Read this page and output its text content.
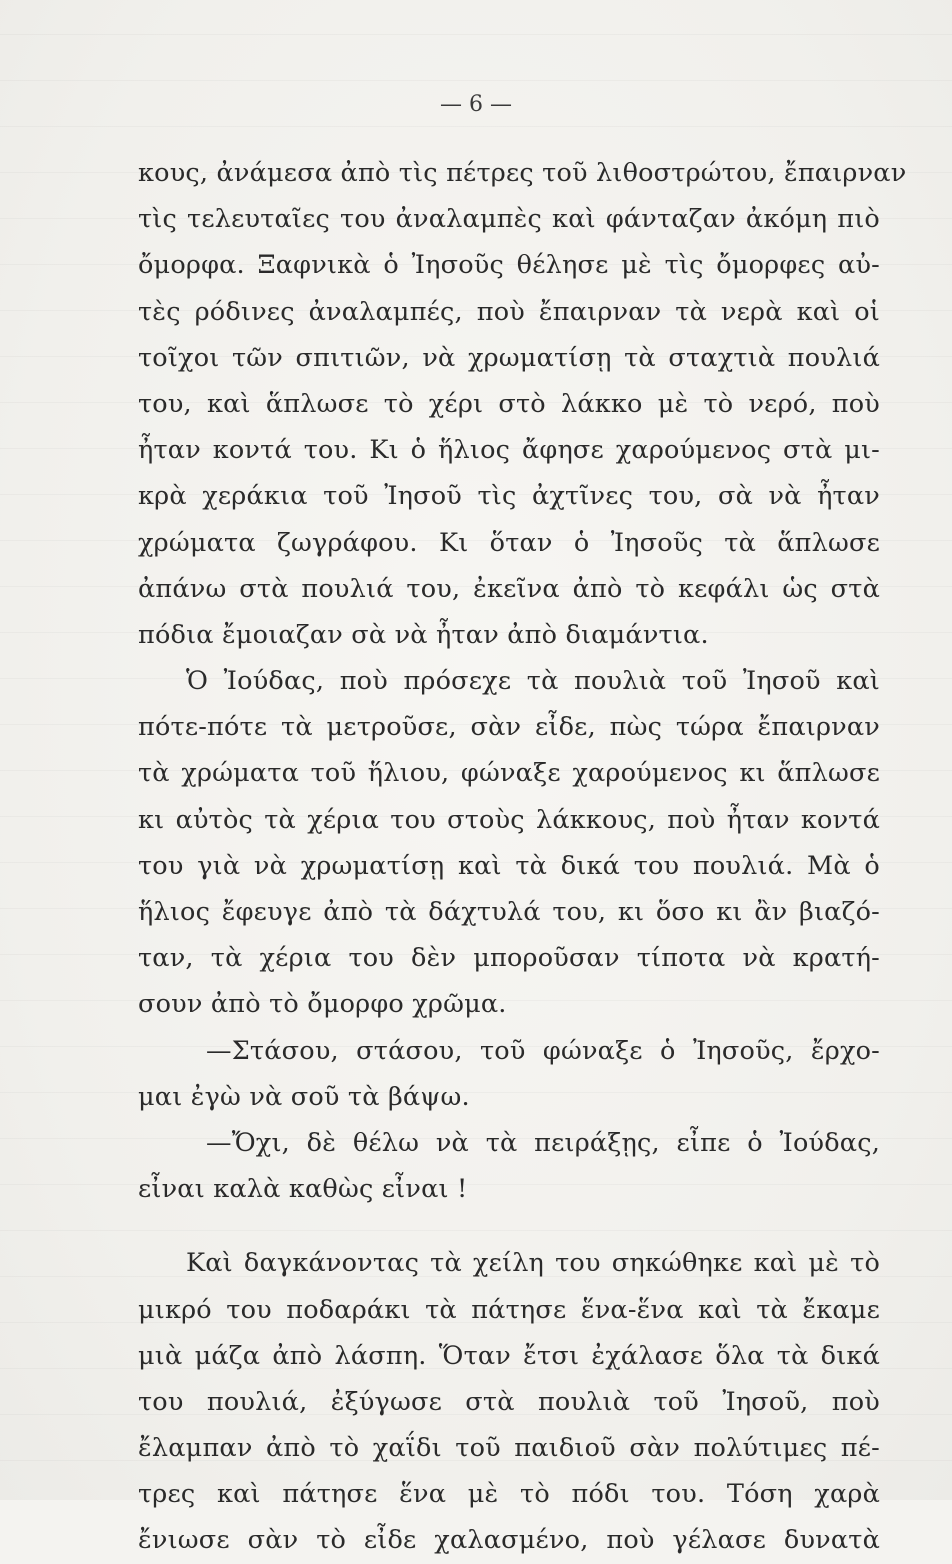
— 6 —
κους, ἀνάμεσα ἀπὸ τὶς πέτρες τοῦ λιθοστρώτου, ἔπαιρναν
τὶς τελευταῖες του ἀναλαμπὲς καὶ φάνταζαν ἀκόμη πιὸ
ὄμορφα. Ξαφνικὰ ὁ Ἰησοῦς θέλησε μὲ τὶς ὄμορφες αὐ-
τὲς ρόδινες ἀναλαμπές, ποὺ ἔπαιρναν τὰ νερὰ καὶ οἱ
τοῖχοι τῶν σπιτιῶν, νὰ χρωματίσῃ τὰ σταχτιὰ πουλιά
του, καὶ ἅπλωσε τὸ χέρι στὸ λάκκο μὲ τὸ νερό, ποὺ
ἦταν κοντά του. Κι ὁ ἥλιος ἄφησε χαρούμενος στὰ μι-
κρὰ χεράκια τοῦ Ἰησοῦ τὶς ἀχτῖνες του, σὰ νὰ ἦταν
χρώματα ζωγράφου. Κι ὅταν ὁ Ἰησοῦς τὰ ἅπλωσε
ἀπάνω στὰ πουλιά του, ἐκεῖνα ἀπὸ τὸ κεφάλι ὡς στὰ
πόδια ἔμοιαζαν σὰ νὰ ἦταν ἀπὸ διαμάντια.
Ὁ Ἰούδας, ποὺ πρόσεχε τὰ πουλιὰ τοῦ Ἰησοῦ καὶ
πότε-πότε τὰ μετροῦσε, σὰν εἶδε, πὼς τώρα ἔπαιρναν
τὰ χρώματα τοῦ ἥλιου, φώναξε χαρούμενος κι ἅπλωσε
κι αὐτὸς τὰ χέρια του στοὺς λάκκους, ποὺ ἦταν κοντά
του γιὰ νὰ χρωματίσῃ καὶ τὰ δικά του πουλιά. Μὰ ὁ
ἥλιος ἔφευγε ἀπὸ τὰ δάχτυλά του, κι ὅσο κι ἂν βιαζό-
ταν, τὰ χέρια του δὲν μποροῦσαν τίποτα νὰ κρατή-
σουν ἀπὸ τὸ ὄμορφο χρῶμα.
—Στάσου, στάσου, τοῦ φώναξε ὁ Ἰησοῦς, ἔρχο-
μαι ἐγὼ νὰ σοῦ τὰ βάψω.
—Ὄχι, δὲ θέλω νὰ τὰ πειράξῃς, εἶπε ὁ Ἰούδας,
εἶναι καλὰ καθὼς εἶναι !
Καὶ δαγκάνοντας τὰ χείλη του σηκώθηκε καὶ μὲ τὸ
μικρό του ποδαράκι τὰ πάτησε ἕνα-ἕνα καὶ τὰ ἔκαμε
μιὰ μάζα ἀπὸ λάσπη. Ὅταν ἔτσι ἐχάλασε ὅλα τὰ δικά
του πουλιά, ἐξύγωσε στὰ πουλιὰ τοῦ Ἰησοῦ, ποὺ
ἔλαμπαν ἀπὸ τὸ χαΐδι τοῦ παιδιοῦ σὰν πολύτιμες πέ-
τρες καὶ πάτησε ἕνα μὲ τὸ πόδι του. Τόση χαρὰ
ἔνιωσε σὰν τὸ εἶδε χαλασμένο, ποὺ γέλασε δυνατὰ
